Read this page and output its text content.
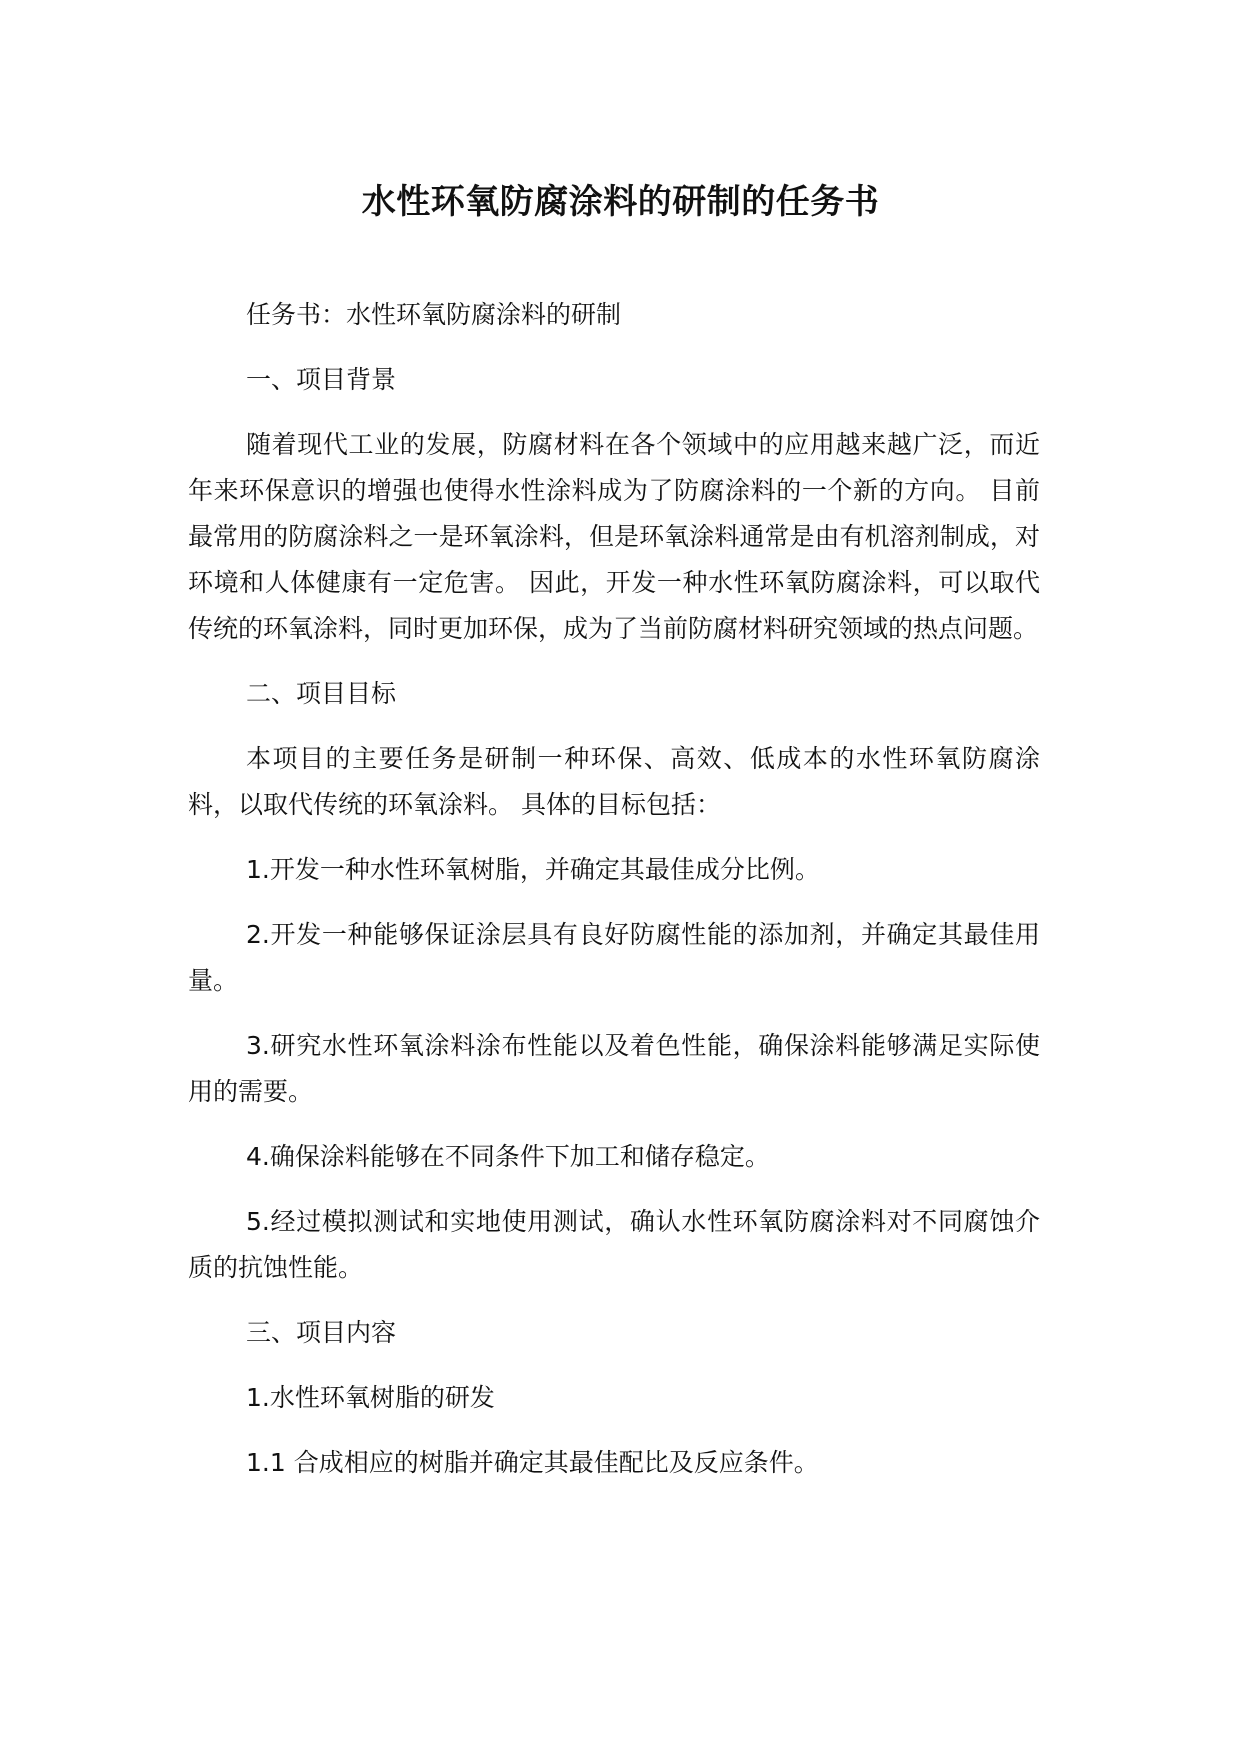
水性环氧防腐涂料的研制的任务书

任务书：水性环氧防腐涂料的研制

一、项目背景

随着现代工业的发展，防腐材料在各个领域中的应用越来越广泛，而近年来环保意识的增强也使得水性涂料成为了防腐涂料的一个新的方向。 目前最常用的防腐涂料之一是环氧涂料，但是环氧涂料通常是由有机溶剂制成，对环境和人体健康有一定危害。 因此，开发一种水性环氧防腐涂料，可以取代传统的环氧涂料，同时更加环保，成为了当前防腐材料研究领域的热点问题。

二、项目目标

本项目的主要任务是研制一种环保、高效、低成本的水性环氧防腐涂料，以取代传统的环氧涂料。 具体的目标包括：

1.开发一种水性环氧树脂，并确定其最佳成分比例。

2.开发一种能够保证涂层具有良好防腐性能的添加剂，并确定其最佳用量。

3.研究水性环氧涂料涂布性能以及着色性能，确保涂料能够满足实际使用的需要。

4.确保涂料能够在不同条件下加工和储存稳定。

5.经过模拟测试和实地使用测试，确认水性环氧防腐涂料对不同腐蚀介质的抗蚀性能。

三、项目内容

1.水性环氧树脂的研发

1.1 合成相应的树脂并确定其最佳配比及反应条件。
